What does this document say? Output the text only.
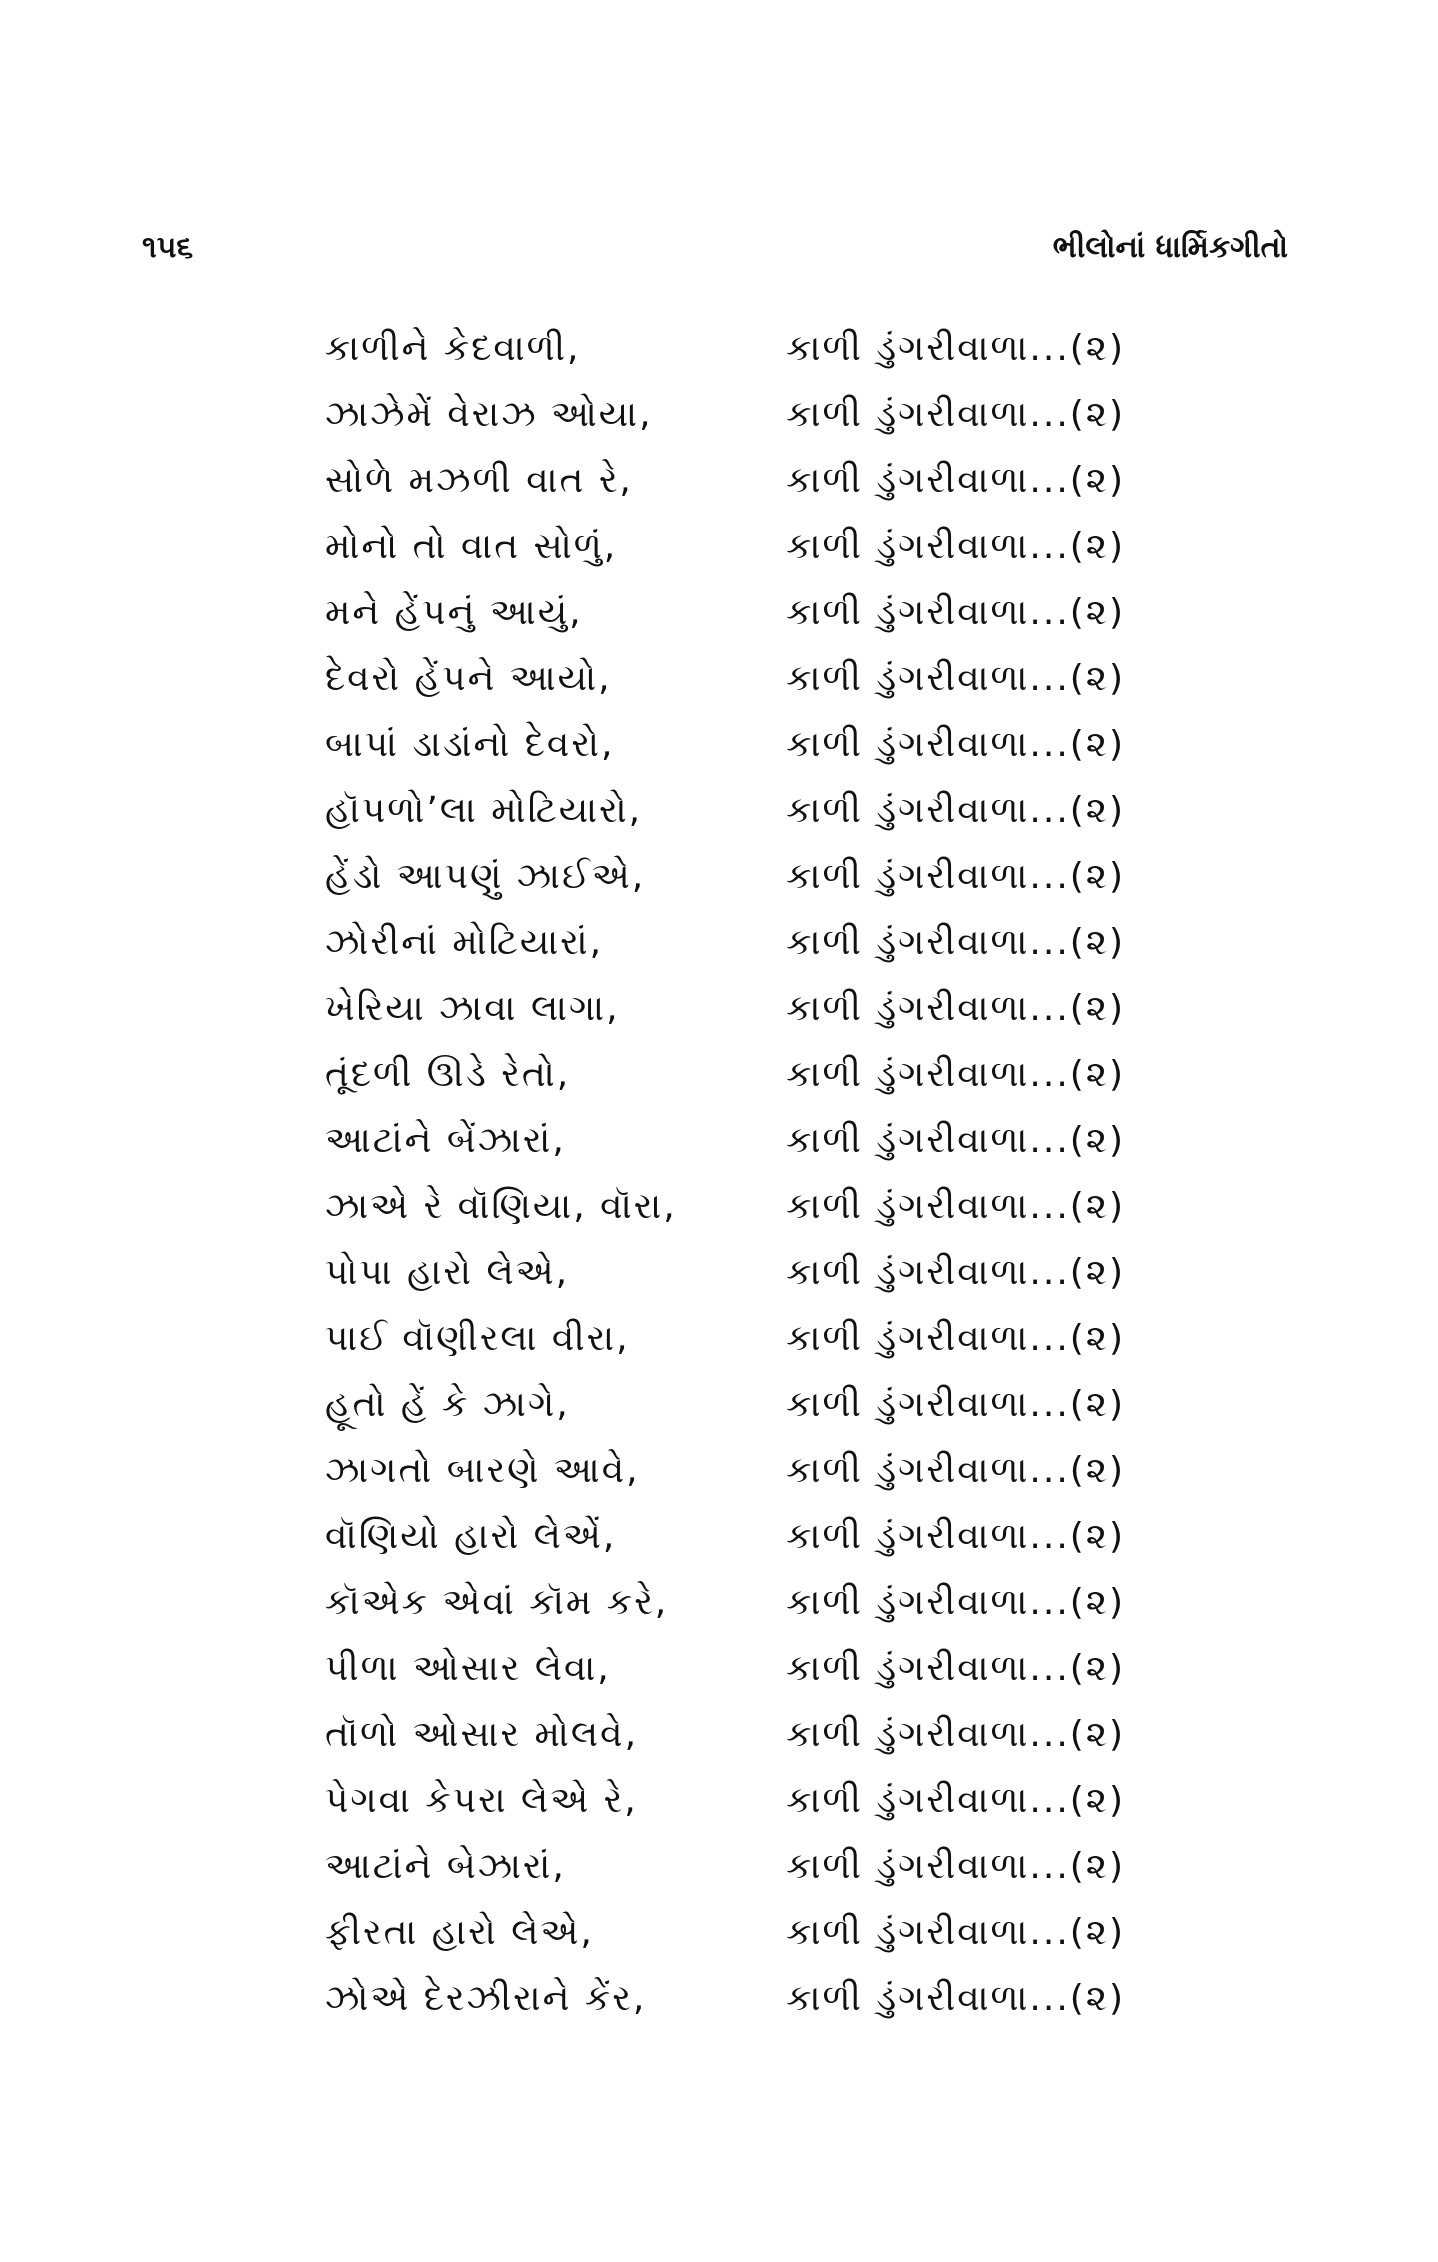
૧૫૬	ભીલોનાં ધાર્મિકગીતો
કાળીને કેદવાળી,	કાળી ડુંગરીવાળા...(૨)
ઝાઝેમેં વેરાઝ ઓયા,	કાળી ડુંગરીવાળા...(૨)
સોળે મઝળી વાત રે,	કાળી ડુંગરીવાળા...(૨)
મોનો તો વાત સોળું,	કાળી ડુંગરીવાળા...(૨)
મને હેંપનું આયું,	કાળી ડુંગરીવાળા...(૨)
દેવરો હેંપને આયો,	કાળી ડુંગરીવાળા...(૨)
બાપાં ડાડાંનો દેવરો,	કાળી ડુંગરીવાળા...(૨)
હૉપળો’લા મોટિયારો,	કાળી ડુંગરીવાળા...(૨)
હેંડો આપણું ઝાઈએ,	કાળી ડુંગરીવાળા...(૨)
ઝોરીનાં મોટિયારાં,	કાળી ડુંગરીવાળા...(૨)
ખેરિયા ઝાવા લાગા,	કાળી ડુંગરીવાળા...(૨)
તૂંદળી ઊડે રેતો,	કાળી ડુંગરીવાળા...(૨)
આટાંને બેંઝારાં,	કાળી ડુંગરીવાળા...(૨)
ઝાએ રે વૉણિયા, વૉરા,	કાળી ડુંગરીવાળા...(૨)
પોપા હારો લેએ,	કાળી ડુંગરીવાળા...(૨)
પાઈ વૉણીરલા વીરા,	કાળી ડુંગરીવાળા...(૨)
હૂતો હેં કે ઝાગે,	કાળી ડુંગરીવાળા...(૨)
ઝાગતો બારણે આવે,	કાળી ડુંગરીવાળા...(૨)
વૉણિયો હારો લેએં,	કાળી ડુંગરીવાળા...(૨)
કૉએક એવાં કૉમ કરે,	કાળી ડુંગરીવાળા...(૨)
પીળા ઓસાર લેવા,	કાળી ડુંગરીવાળા...(૨)
તૉળો ઓસાર મોલવે,	કાળી ડુંગરીવાળા...(૨)
પેગવા કેપરા લેએ રે,	કાળી ડુંગરીવાળા...(૨)
આટાંને બેઝારાં,	કાળી ડુંગરીવાળા...(૨)
ફીરતા હારો લેએ,	કાળી ડુંગરીવાળા...(૨)
ઝોએ દેરઝીરાને કેંર,	કાળી ડુંગરીવાળા...(૨)
